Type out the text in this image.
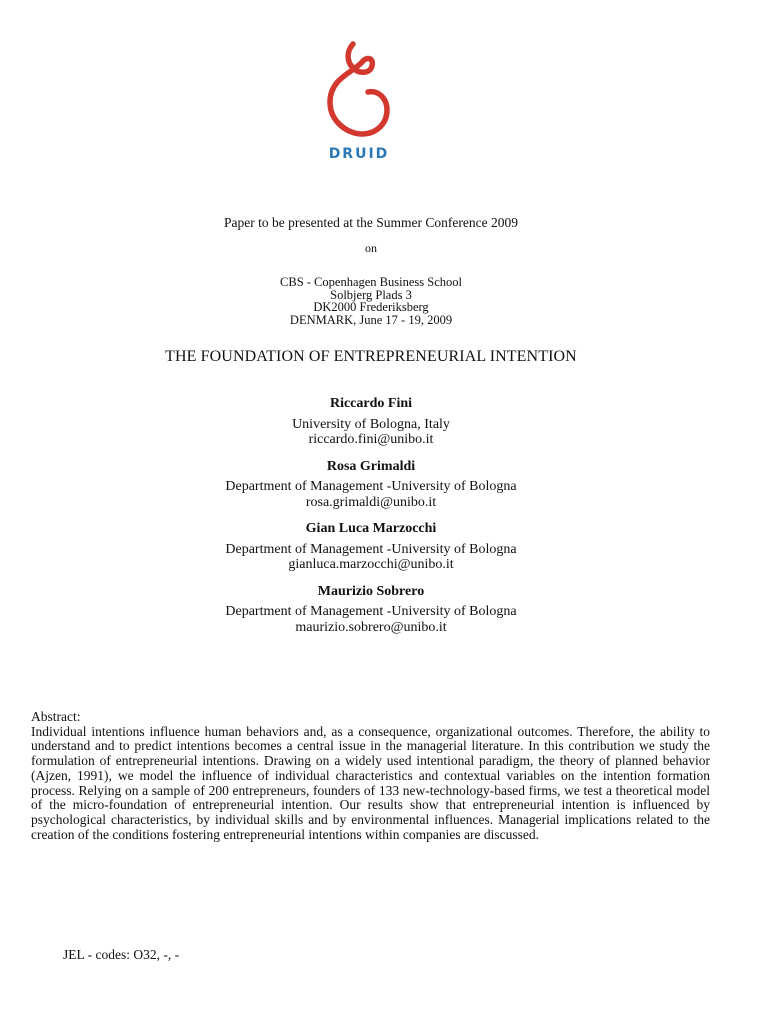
DRUID
Paper to be presented at the Summer Conference 2009
on
CBS - Copenhagen Business School
Solbjerg Plads 3
DK2000 Frederiksberg
DENMARK, June 17 - 19, 2009
THE FOUNDATION OF ENTREPRENEURIAL INTENTION
Riccardo Fini
University of Bologna, Italy
riccardo.fini@unibo.it
Rosa Grimaldi
Department of Management -University of Bologna
rosa.grimaldi@unibo.it
Gian Luca Marzocchi
Department of Management -University of Bologna
gianluca.marzocchi@unibo.it
Maurizio Sobrero
Department of Management -University of Bologna
maurizio.sobrero@unibo.it

Abstract:

Individual intentions influence human behaviors and, as a consequence, organizational outcomes. Therefore, the ability to understand and to predict intentions becomes a central issue in the managerial literature. In this contribution we study the formulation of entrepreneurial intentions. Drawing on a widely used intentional paradigm, the theory of planned behavior (Ajzen, 1991), we model the influence of individual characteristics and contextual variables on the intention formation process. Relying on a sample of 200 entrepreneurs, founders of 133 new-technology-based firms, we test a theoretical model of the micro-foundation of entrepreneurial intention. Our results show that entrepreneurial intention is influenced by psychological characteristics, by individual skills and by environmental influences. Managerial implications related to the creation of the conditions fostering entrepreneurial intentions within companies are discussed.

JEL - codes: O32, -, -
